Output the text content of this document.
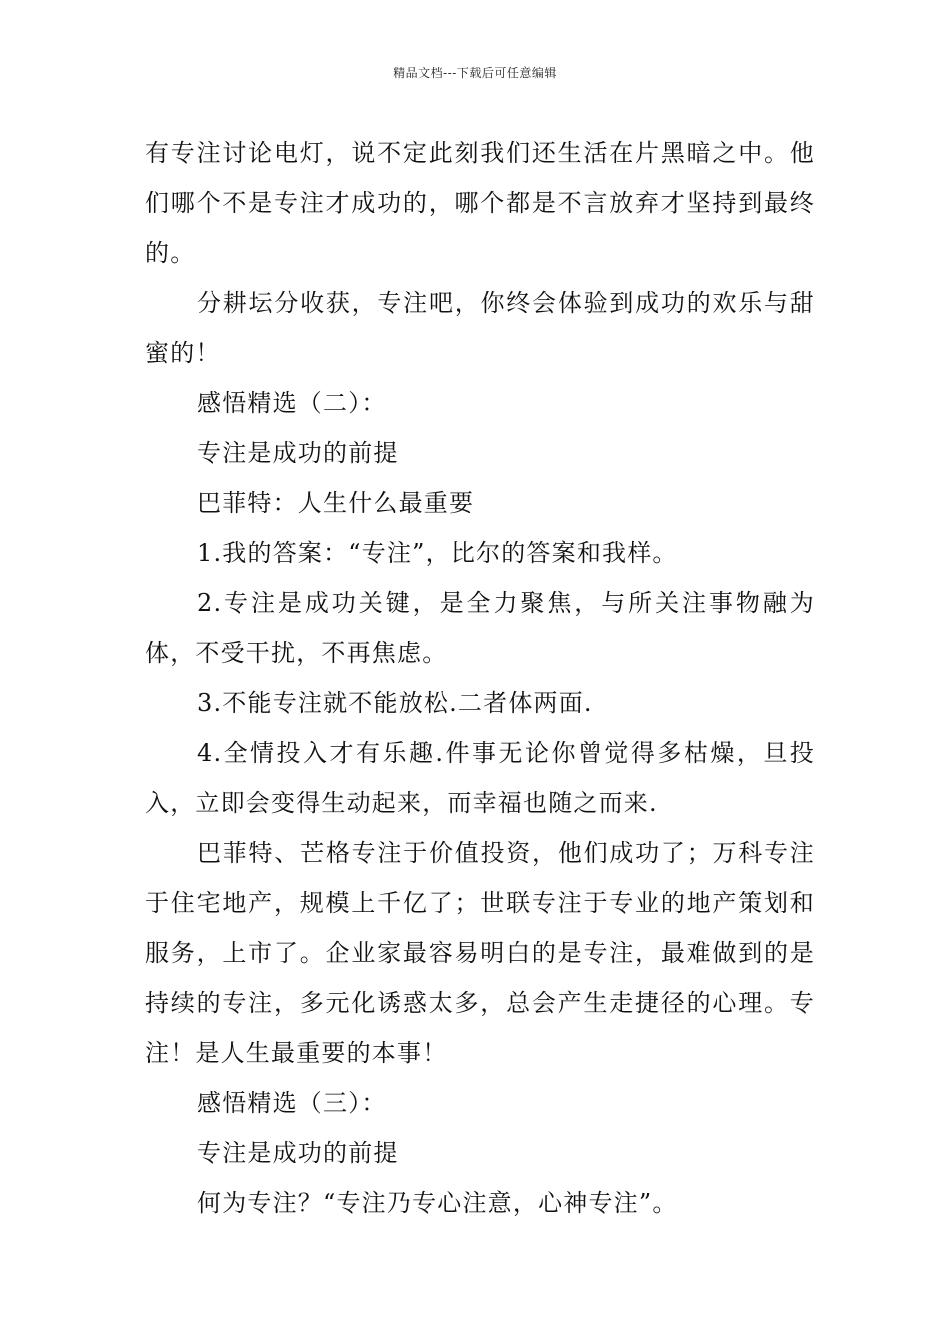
精品文档---下载后可任意编辑

有专注讨论电灯，说不定此刻我们还生活在片黑暗之中。他们哪个不是专注才成功的，哪个都是不言放弃才坚持到最终的。

分耕坛分收获，专注吧，你终会体验到成功的欢乐与甜蜜的！

感悟精选（二）：

专注是成功的前提

巴菲特：人生什么最重要

1.我的答案：“专注”，比尔的答案和我样。

2.专注是成功关键，是全力聚焦，与所关注事物融为体，不受干扰，不再焦虑。

3.不能专注就不能放松.二者体两面.

4.全情投入才有乐趣.件事无论你曾觉得多枯燥，旦投入，立即会变得生动起来，而幸福也随之而来.

巴菲特、芒格专注于价值投资，他们成功了；万科专注于住宅地产，规模上千亿了；世联专注于专业的地产策划和服务，上市了。企业家最容易明白的是专注，最难做到的是持续的专注，多元化诱惑太多，总会产生走捷径的心理。专注！是人生最重要的本事！

感悟精选（三）：

专注是成功的前提

何为专注？“专注乃专心注意，心神专注”。
